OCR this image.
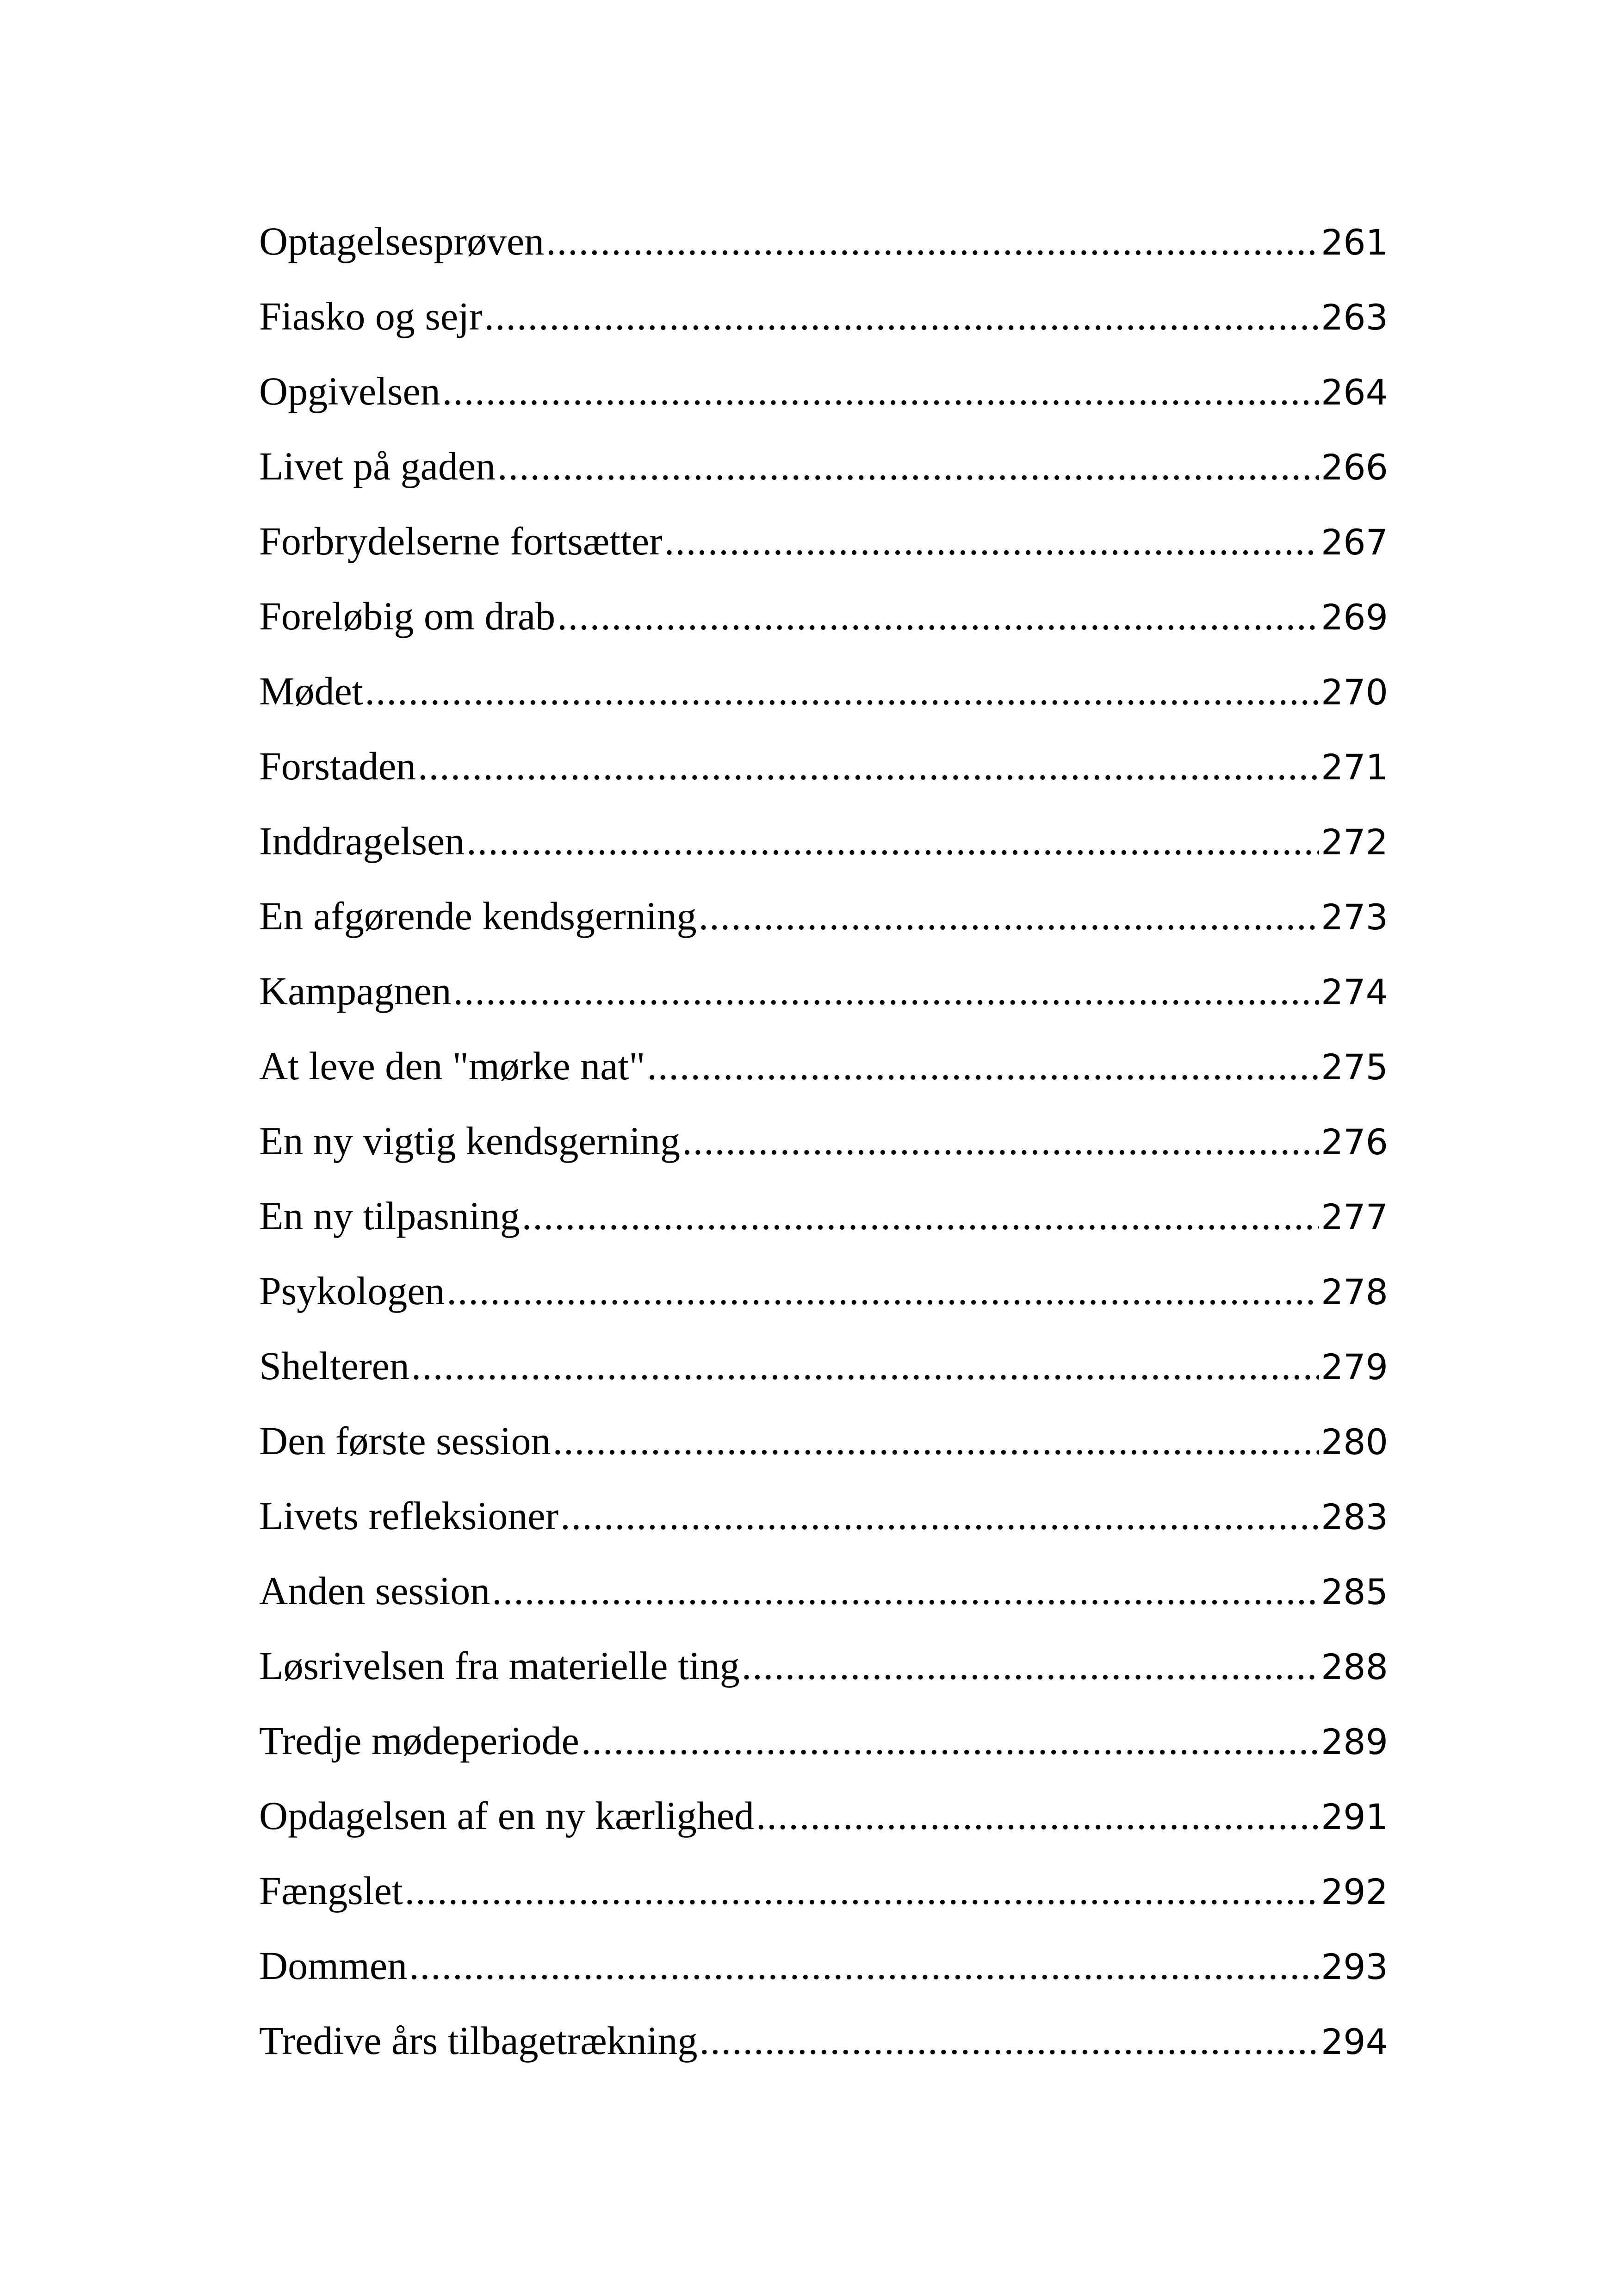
Optagelsesprøven .....	261
Fiasko og sejr .....	263
Opgivelsen .....	264
Livet på gaden .....	266
Forbrydelserne fortsætter .....	267
Foreløbig om drab .....	269
Mødet .....	270
Forstaden .....	271
Inddragelsen .....	272
En afgørende kendsgerning .....	273
Kampagnen .....	274
At leve den "mørke nat" .....	275
En ny vigtig kendsgerning .....	276
En ny tilpasning .....	277
Psykologen .....	278
Shelteren .....	279
Den første session .....	280
Livets refleksioner .....	283
Anden session .....	285
Løsrivelsen fra materielle ting .....	288
Tredje mødeperiode .....	289
Opdagelsen af en ny kærlighed .....	291
Fængslet .....	292
Dommen .....	293
Tredive års tilbagetrækning .....	294
